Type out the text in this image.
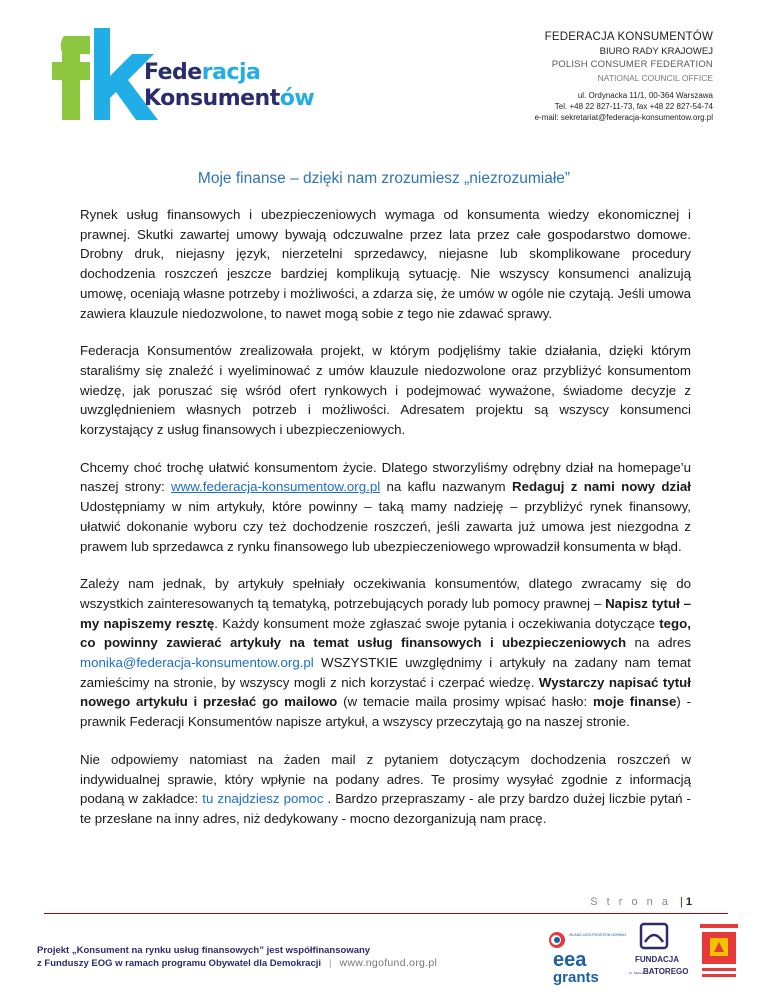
Federacja
Konsumentów
FEDERACJA KONSUMENTÓW
BIURO RADY KRAJOWEJ
POLISH CONSUMER FEDERATION
NATIONAL COUNCIL OFFICE
ul. Ordynacka 11/1, 00-364 Warszawa
Tel. +48 22 827-11-73, fax +48 22 827-54-74
e-mail: sekretariat@federacja-konsumentow.org.pl
Moje finanse – dzięki nam zrozumiesz „niezrozumiałe”

Rynek usług finansowych i ubezpieczeniowych wymaga od konsumenta wiedzy ekonomicznej i prawnej. Skutki zawartej umowy bywają odczuwalne przez lata przez całe gospodarstwo domowe. Drobny druk, niejasny język, nierzetelni sprzedawcy, niejasne lub skomplikowane procedury dochodzenia roszczeń jeszcze bardziej komplikują sytuację. Nie wszyscy konsumenci analizują umowę, oceniają własne potrzeby i możliwości, a zdarza się, że umów w ogóle nie czytają. Jeśli umowa zawiera klauzule niedozwolone, to nawet mogą sobie z tego nie zdawać sprawy.

Federacja Konsumentów zrealizowała projekt, w którym podjęliśmy takie działania, dzięki którym staraliśmy się znaleźć i wyeliminować z umów klauzule niedozwolone oraz przybliżyć konsumentom wiedzę, jak poruszać się wśród ofert rynkowych i podejmować wyważone, świadome decyzje z uwzględnieniem własnych potrzeb i możliwości. Adresatem projektu są wszyscy konsumenci korzystający z usług finansowych i ubezpieczeniowych.

Chcemy choć trochę ułatwić konsumentom życie. Dlatego stworzyliśmy odrębny dział na homepage’u naszej strony: www.federacja-konsumentow.org.pl na kaflu nazwanym Redaguj z nami nowy dział Udostępniamy w nim artykuły, które powinny – taką mamy nadzieję – przybliżyć rynek finansowy, ułatwić dokonanie wyboru czy też dochodzenie roszczeń, jeśli zawarta już umowa jest niezgodna z prawem lub sprzedawca z rynku finansowego lub ubezpieczeniowego wprowadził konsumenta w błąd.

Zależy nam jednak, by artykuły spełniały oczekiwania konsumentów, dlatego zwracamy się do wszystkich zainteresowanych tą tematyką, potrzebujących porady lub pomocy prawnej – Napisz tytuł – my napiszemy resztę. Każdy konsument może zgłaszać swoje pytania i oczekiwania dotyczące tego, co powinny zawierać artykuły na temat usług finansowych i ubezpieczeniowych na adres monika@federacja-konsumentow.org.pl WSZYSTKIE uwzględnimy i artykuły na zadany nam temat zamieścimy na stronie, by wszyscy mogli z nich korzystać i czerpać wiedzę. Wystarczy napisać tytuł nowego artykułu i przesłać go mailowo (w temacie maila prosimy wpisać hasło: moje finanse) - prawnik Federacji Konsumentów napisze artykuł, a wszyscy przeczytają go na naszej stronie.

Nie odpowiemy natomiast na żaden mail z pytaniem dotyczącym dochodzenia roszczeń w indywidualnej sprawie, który wpłynie na podany adres. Te prosimy wysyłać zgodnie z informacją podaną w zakładce: tu znajdziesz pomoc . Bardzo przepraszamy - ale przy bardzo dużej liczbie pytań - te przesłane na inny adres, niż dedykowany - mocno dezorganizują nam pracę.

S t r o n a | 1
Projekt „Konsument na rynku usług finansowych” jest współfinansowany
z Funduszy EOG w ramach programu Obywatel dla Demokracji | www.ngofund.org.pl
ISLAND LIECHTENSTEIN NORWAY
eea
grants
FUNDACJA
im. Stefana
BATOREGO
